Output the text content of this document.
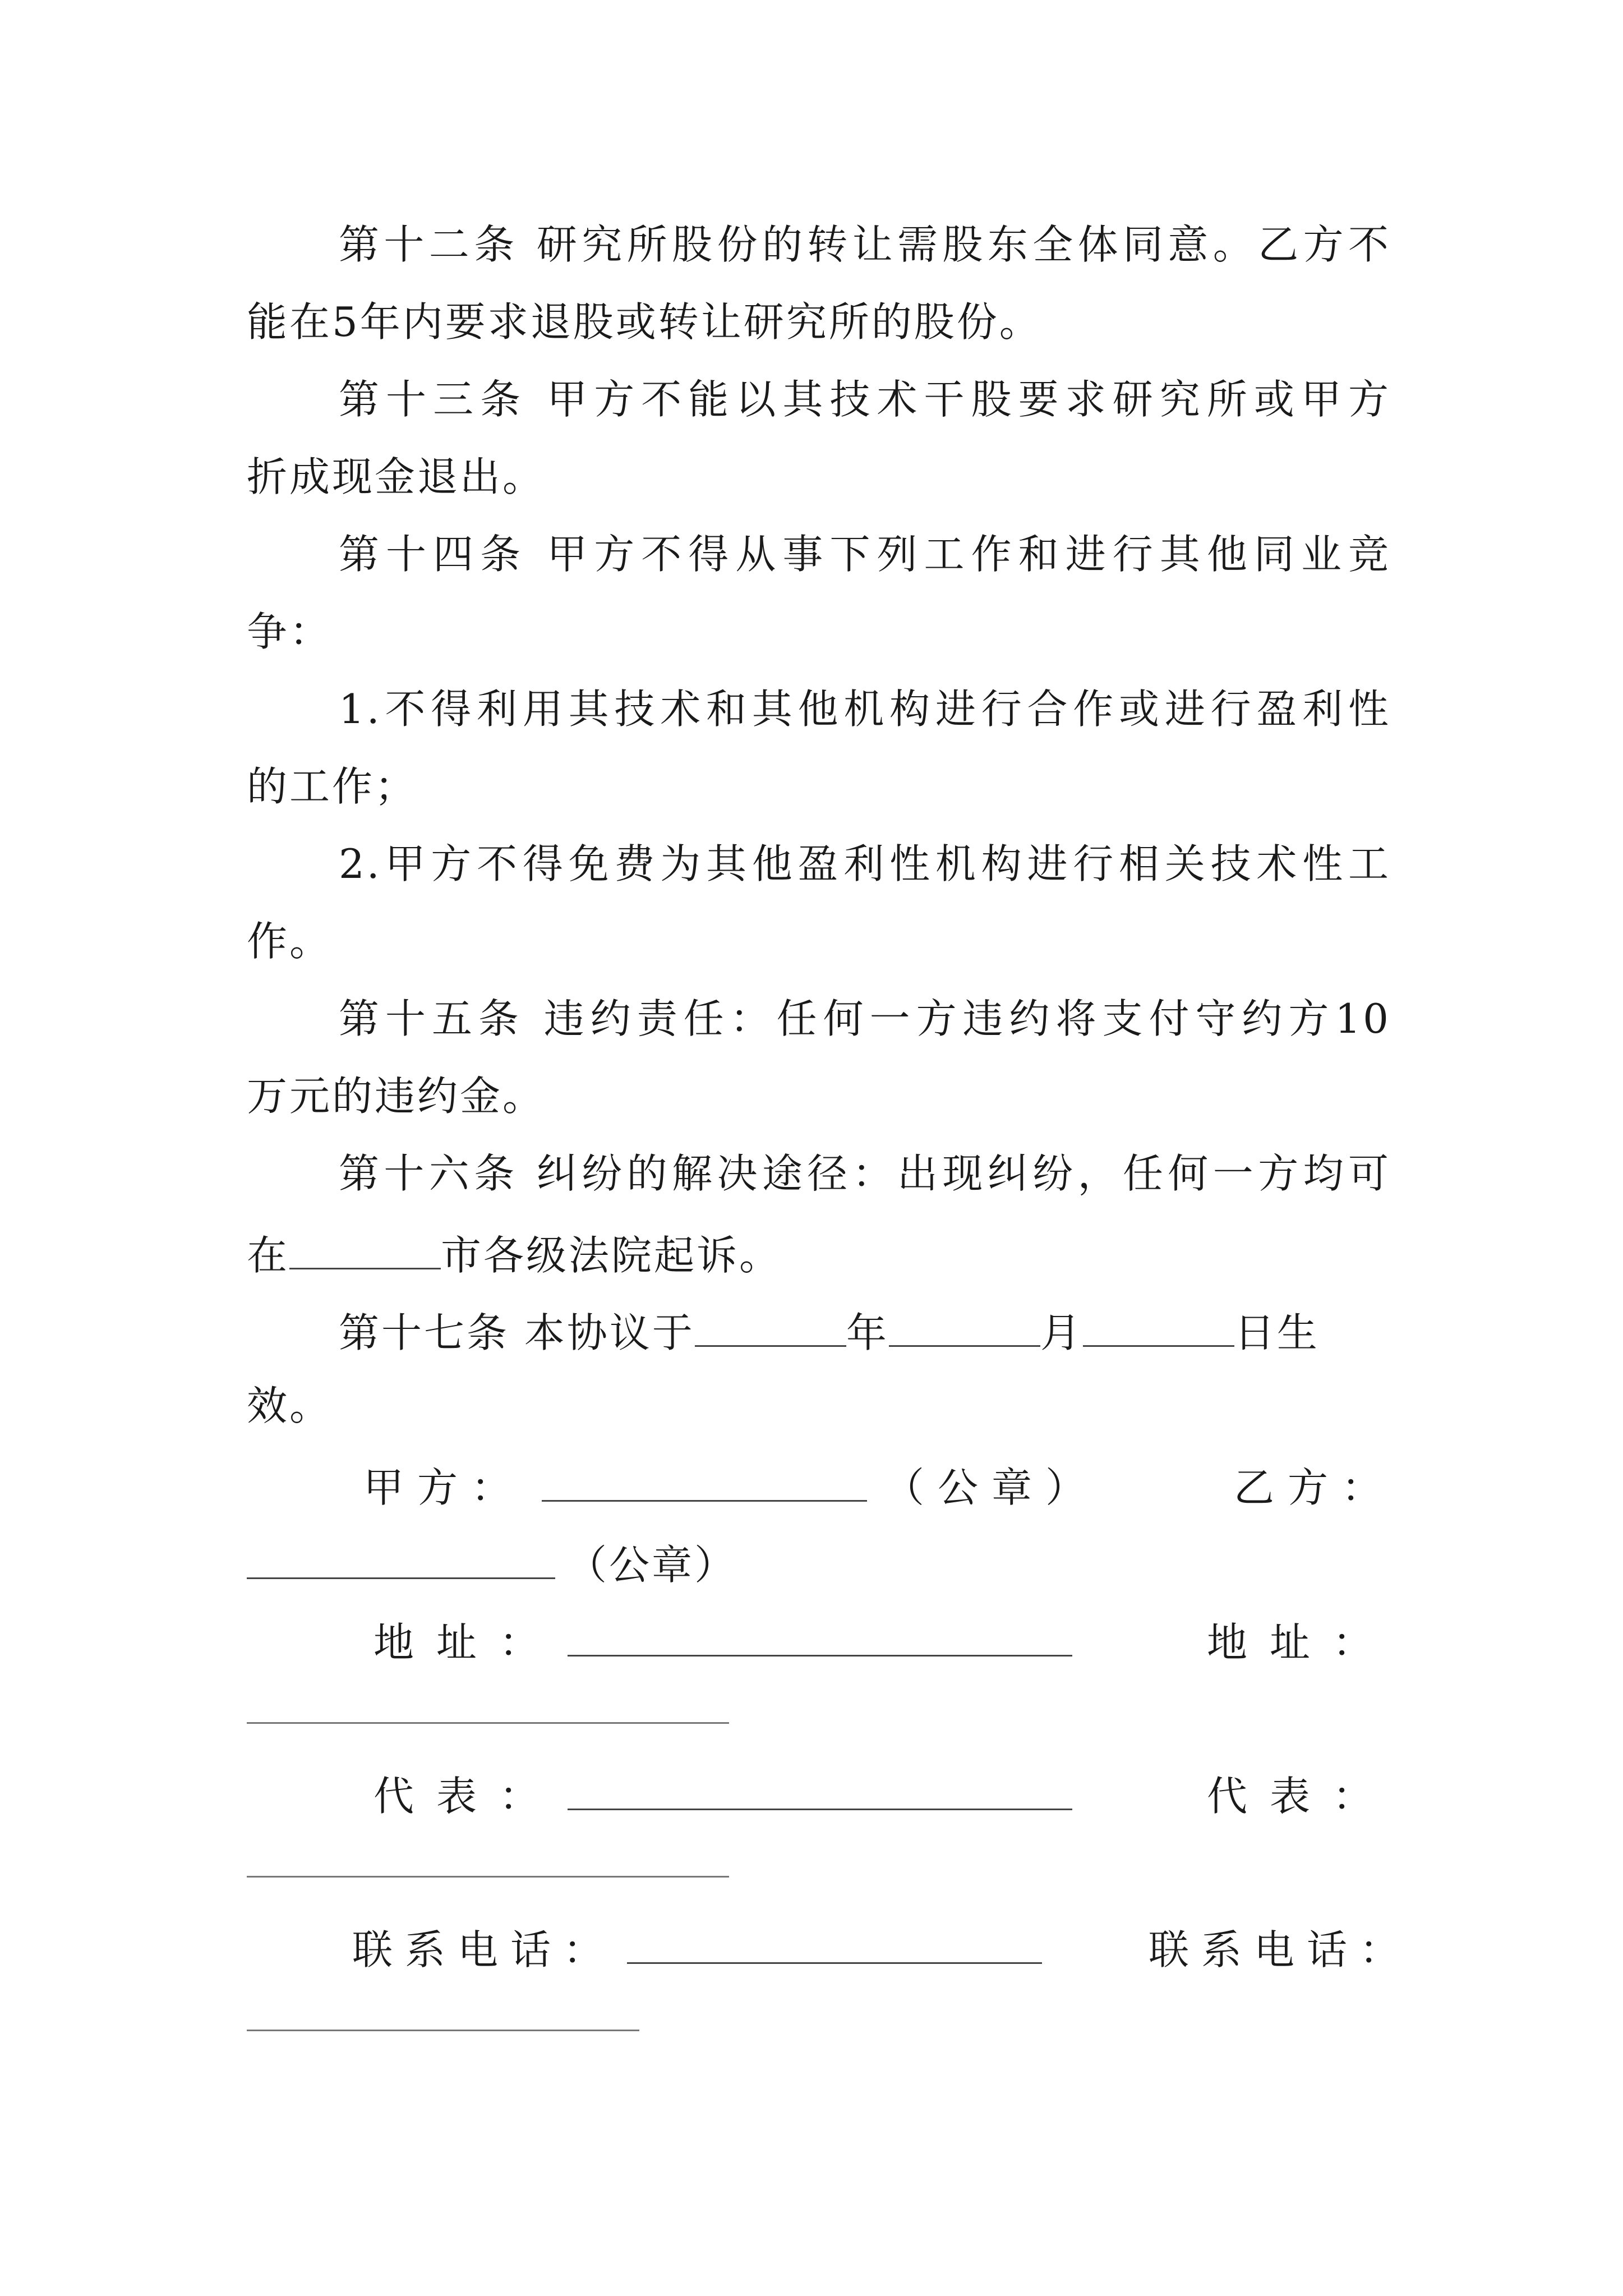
第十二条 研究所股份的转让需股东全体同意。乙方不
能在5年内要求退股或转让研究所的股份。
第十三条 甲方不能以其技术干股要求研究所或甲方
折成现金退出。
第十四条 甲方不得从事下列工作和进行其他同业竞
争：
1.不得利用其技术和其他机构进行合作或进行盈利性
的工作；
2.甲方不得免费为其他盈利性机构进行相关技术性工
作。
第十五条 违约责任：任何一方违约将支付守约方10
万元的违约金。
第十六条 纠纷的解决途径：出现纠纷，任何一方均可
在	市各级法院起诉。
第十七条 本协议于	年	月	日生
效。
甲方：	（公章）	乙方：
（公章）
地址：	地址：
代表：	代表：
联系电话：	联系电话：
